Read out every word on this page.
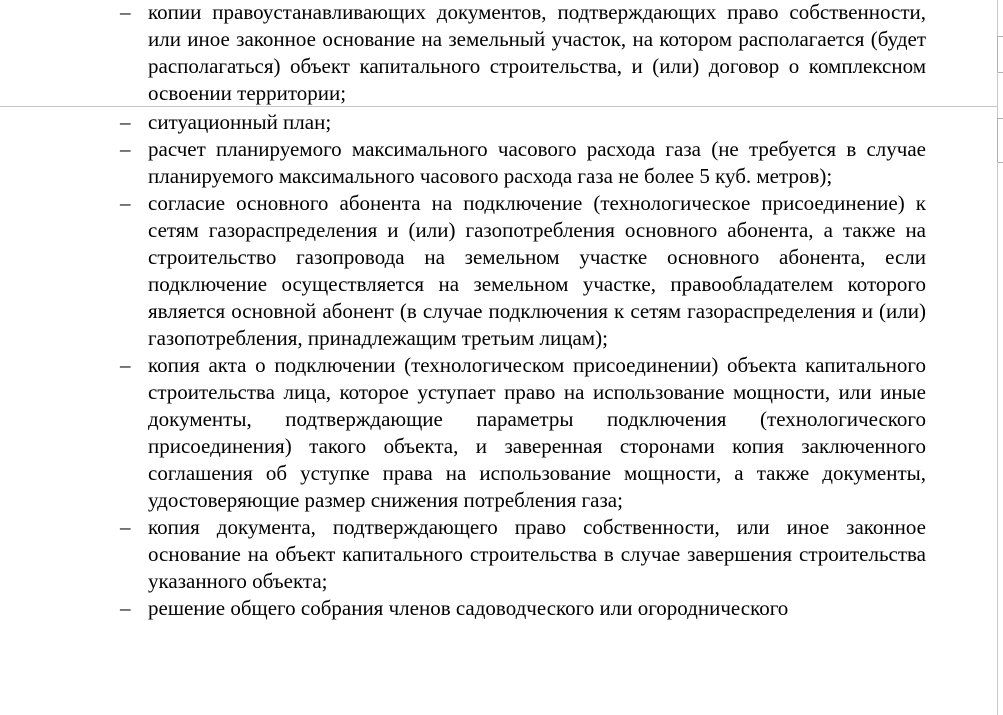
– копии правоустанавливающих документов, подтверждающих право собственности, или иное законное основание на земельный участок, на котором располагается (будет располагаться) объект капитального строительства, и (или) договор о комплексном освоении территории;
– ситуационный план;
– расчет планируемого максимального часового расхода газа (не требуется в случае планируемого максимального часового расхода газа не более 5 куб. метров);
– согласие основного абонента на подключение (технологическое присоединение) к сетям газораспределения и (или) газопотребления основного абонента, а также на строительство газопровода на земельном участке основного абонента, если подключение осуществляется на земельном участке, правообладателем которого является основной абонент (в случае подключения к сетям газораспределения и (или) газопотребления, принадлежащим третьим лицам);
– копия акта о подключении (технологическом присоединении) объекта капитального строительства лица, которое уступает право на использование мощности, или иные документы, подтверждающие параметры подключения (технологического присоединения) такого объекта, и заверенная сторонами копия заключенного соглашения об уступке права на использование мощности, а также документы, удостоверяющие размер снижения потребления газа;
– копия документа, подтверждающего право собственности, или иное законное основание на объект капитального строительства в случае завершения строительства указанного объекта;
– решение общего собрания членов садоводческого или огороднического
